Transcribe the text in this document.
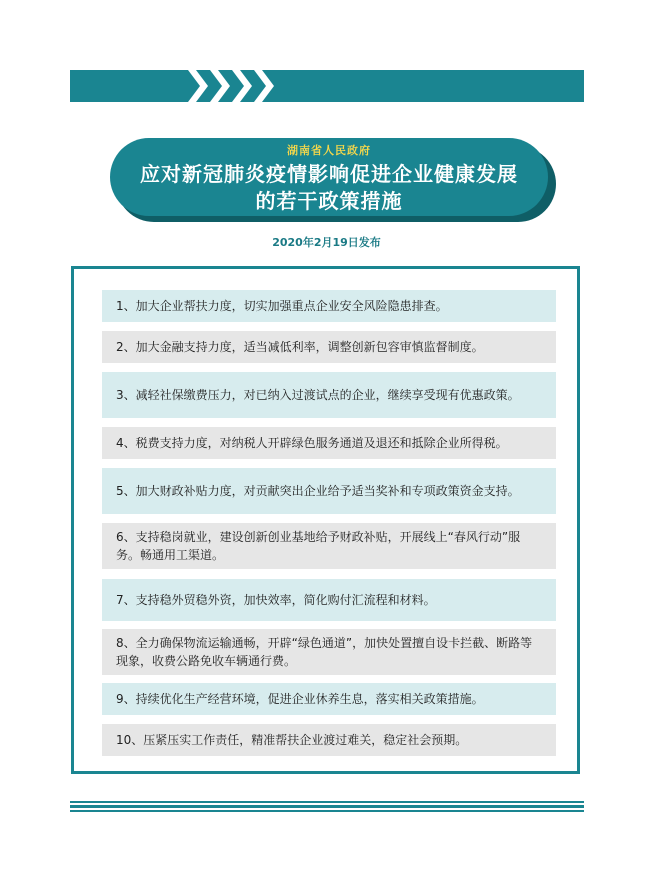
湖南省人民政府
应对新冠肺炎疫情影响促进企业健康发展
的若干政策措施
2020年2月19日发布
1、加大企业帮扶力度，切实加强重点企业安全风险隐患排查。
2、加大金融支持力度，适当减低利率，调整创新包容审慎监督制度。
3、减轻社保缴费压力，对已纳入过渡试点的企业，继续享受现有优惠政策。
4、税费支持力度，对纳税人开辟绿色服务通道及退还和抵除企业所得税。
5、加大财政补贴力度，对贡献突出企业给予适当奖补和专项政策资金支持。
6、支持稳岗就业，建设创新创业基地给予财政补贴，开展线上“春风行动”服务。畅通用工渠道。
7、支持稳外贸稳外资，加快效率，简化购付汇流程和材料。
8、全力确保物流运输通畅，开辟“绿色通道”，加快处置擅自设卡拦截、断路等现象，收费公路免收车辆通行费。
9、持续优化生产经营环境，促进企业休养生息，落实相关政策措施。
10、压紧压实工作责任，精准帮扶企业渡过难关，稳定社会预期。
